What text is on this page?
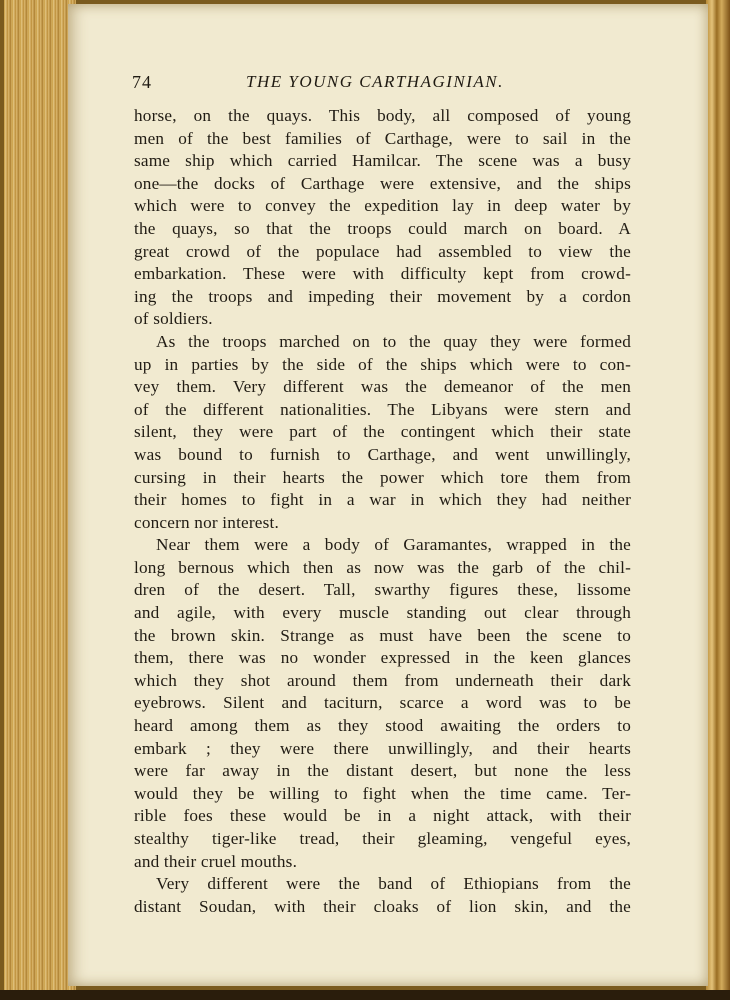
74	THE YOUNG CARTHAGINIAN.
horse, on the quays. This body, all composed of young
men of the best families of Carthage, were to sail in the
same ship which carried Hamilcar. The scene was a busy
one—the docks of Carthage were extensive, and the ships
which were to convey the expedition lay in deep water by
the quays, so that the troops could march on board. A
great crowd of the populace had assembled to view the
embarkation. These were with difficulty kept from crowd-
ing the troops and impeding their movement by a cordon
of soldiers.
As the troops marched on to the quay they were formed
up in parties by the side of the ships which were to con-
vey them. Very different was the demeanor of the men
of the different nationalities. The Libyans were stern and
silent, they were part of the contingent which their state
was bound to furnish to Carthage, and went unwillingly,
cursing in their hearts the power which tore them from
their homes to fight in a war in which they had neither
concern nor interest.
Near them were a body of Garamantes, wrapped in the
long bernous which then as now was the garb of the chil-
dren of the desert. Tall, swarthy figures these, lissome
and agile, with every muscle standing out clear through
the brown skin. Strange as must have been the scene to
them, there was no wonder expressed in the keen glances
which they shot around them from underneath their dark
eyebrows. Silent and taciturn, scarce a word was to be
heard among them as they stood awaiting the orders to
embark ; they were there unwillingly, and their hearts
were far away in the distant desert, but none the less
would they be willing to fight when the time came. Ter-
rible foes these would be in a night attack, with their
stealthy tiger-like tread, their gleaming, vengeful eyes,
and their cruel mouths.
Very different were the band of Ethiopians from the
distant Soudan, with their cloaks of lion skin, and the
